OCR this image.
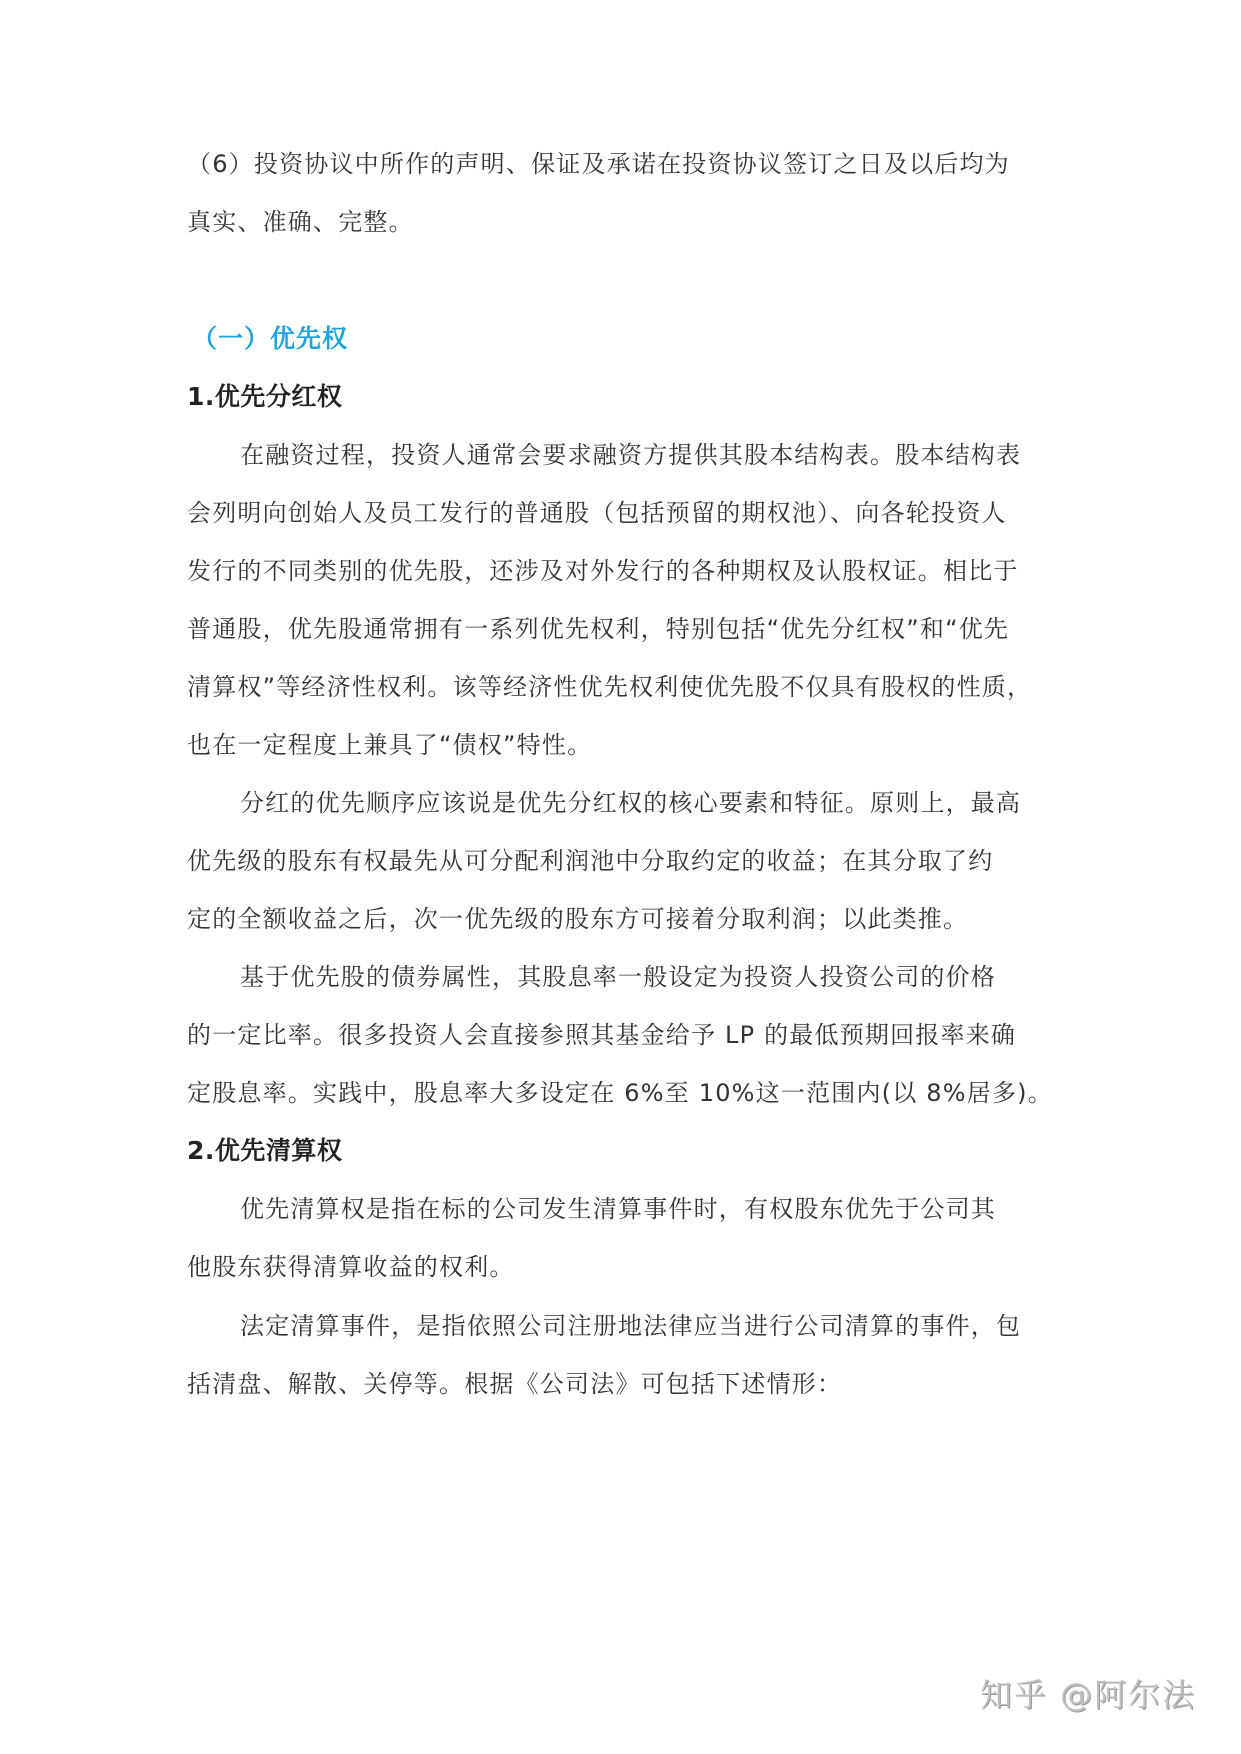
（6）投资协议中所作的声明、保证及承诺在投资协议签订之日及以后均为
真实、准确、完整。
（一）优先权
1.优先分红权
在融资过程，投资人通常会要求融资方提供其股本结构表。股本结构表
会列明向创始人及员工发行的普通股（包括预留的期权池）、向各轮投资人
发行的不同类别的优先股，还涉及对外发行的各种期权及认股权证。相比于
普通股，优先股通常拥有一系列优先权利，特别包括“优先分红权”和“优先
清算权”等经济性权利。该等经济性优先权利使优先股不仅具有股权的性质，
也在一定程度上兼具了“债权”特性。
分红的优先顺序应该说是优先分红权的核心要素和特征。原则上，最高
优先级的股东有权最先从可分配利润池中分取约定的收益；在其分取了约
定的全额收益之后，次一优先级的股东方可接着分取利润；以此类推。
基于优先股的债券属性，其股息率一般设定为投资人投资公司的价格
的一定比率。很多投资人会直接参照其基金给予 LP 的最低预期回报率来确
定股息率。实践中，股息率大多设定在 6%至 10%这一范围内(以 8%居多)。
2.优先清算权
优先清算权是指在标的公司发生清算事件时，有权股东优先于公司其
他股东获得清算收益的权利。
法定清算事件，是指依照公司注册地法律应当进行公司清算的事件，包
括清盘、解散、关停等。根据《公司法》可包括下述情形：
知乎 @阿尔法
